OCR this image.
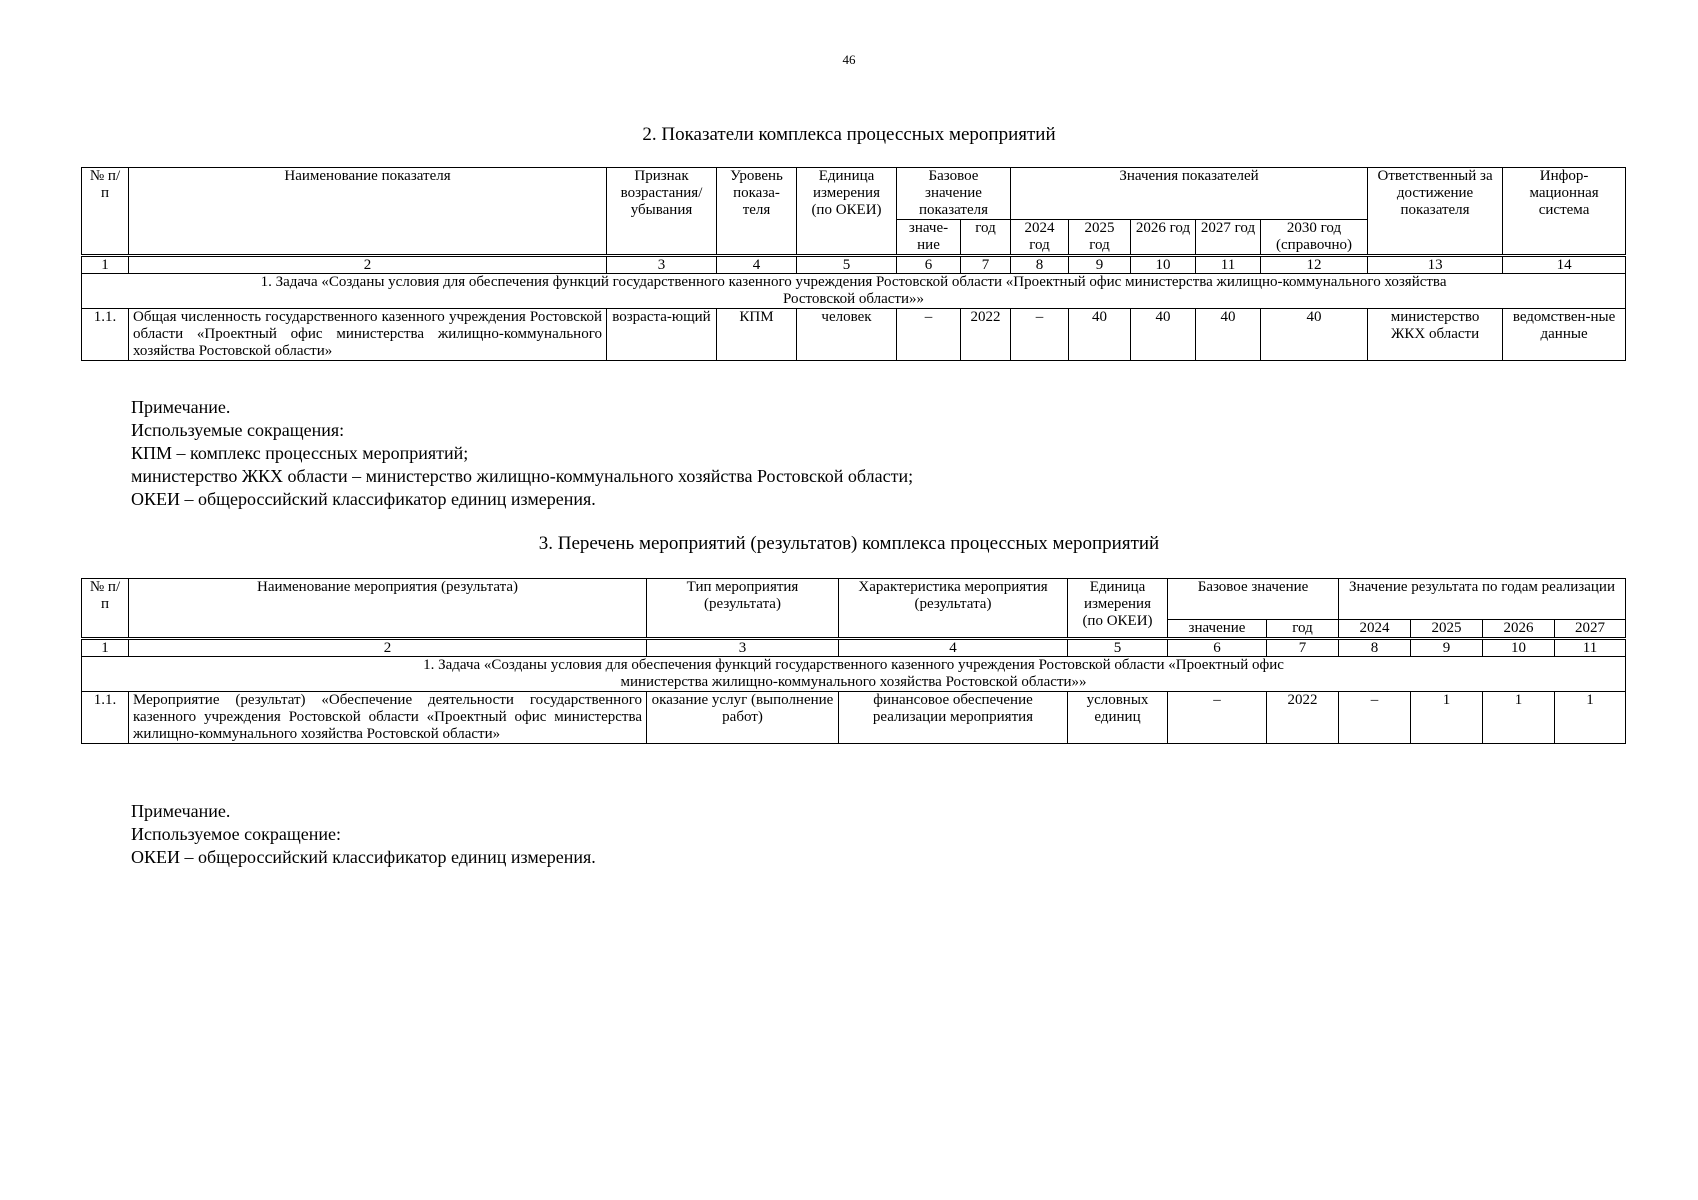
46
2. Показатели комплекса процессных мероприятий
№ п/п	Наименование показателя	Признак возрастания/ убывания	Уровень показа-теля	Единица измерения (по ОКЕИ)	Базовое значение показателя		Значения показателей					Ответственный за достижение показателя	Инфор-мационная система
					значе-ние	год	2024 год	2025 год	2026 год	2027 год	2030 год (справочно)		
1	2	3	4	5	6	7	8	9	10	11	12	13	14
1. Задача «Созданы условия для обеспечения функций государственного казенного учреждения Ростовской области «Проектный офис министерства жилищно-коммунального хозяйства Ростовской области»»													
1.1.	Общая численность государственного казенного учреждения Ростовской области «Проектный офис министерства жилищно-коммунального хозяйства Ростовской области»	возраста-ющий	КПМ	человек	–	2022	–	40	40	40	40	министерство ЖКХ области	ведомствен-ные данные
Примечание.
Используемые сокращения:
КПМ – комплекс процессных мероприятий;
министерство ЖКХ области – министерство жилищно-коммунального хозяйства Ростовской области;
ОКЕИ – общероссийский классификатор единиц измерения.
3. Перечень мероприятий (результатов) комплекса процессных мероприятий
№ п/п	Наименование мероприятия (результата)	Тип мероприятия (результата)	Характеристика мероприятия (результата)	Единица измерения (по ОКЕИ)	Базовое значение		Значение результата по годам реализации			
					значение	год	2024	2025	2026	2027
1	2	3	4	5	6	7	8	9	10	11
1. Задача «Созданы условия для обеспечения функций государственного казенного учреждения Ростовской области «Проектный офис министерства жилищно-коммунального хозяйства Ростовской области»»										
1.1.	Мероприятие (результат) «Обеспечение деятельности государственного казенного учреждения Ростовской области «Проектный офис министерства жилищно-коммунального хозяйства Ростовской области»	оказание услуг (выполнение работ)	финансовое обеспечение реализации мероприятия	условных единиц	–	2022	–	1	1	1
Примечание.
Используемое сокращение:
ОКЕИ – общероссийский классификатор единиц измерения.
